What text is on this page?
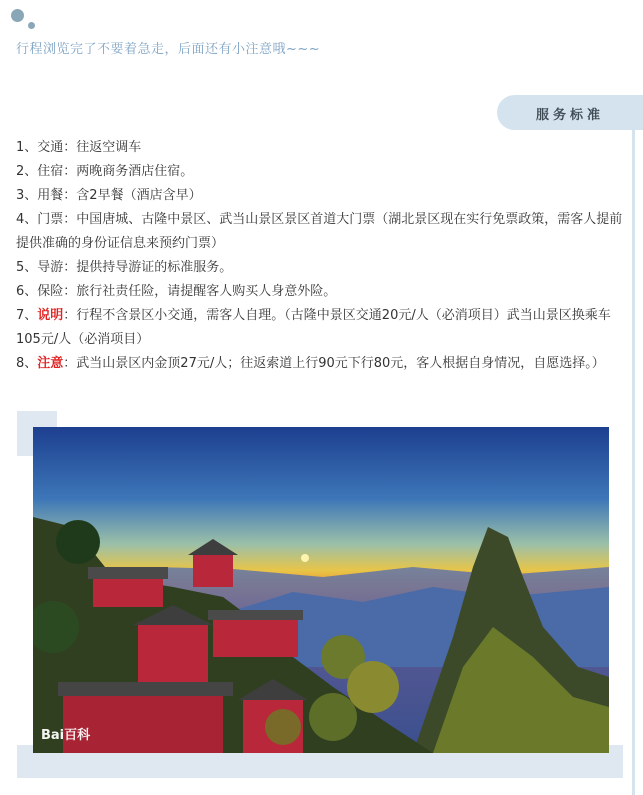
行程浏览完了不要着急走，后面还有小注意哦~~~
服务标准

1、交通：往返空调车

2、住宿：两晚商务酒店住宿。

3、用餐：含2早餐（酒店含早）

4、门票：中国唐城、古隆中景区、武当山景区景区首道大门票（湖北景区现在实行免票政策，需客人提前提供准确的身份证信息来预约门票）

5、导游：提供持导游证的标准服务。

6、保险：旅行社责任险，请提醒客人购买人身意外险。

7、说明：行程不含景区小交通，需客人自理。（古隆中景区交通20元/人（必消项目）武当山景区换乘车105元/人（必消项目）

8、注意：武当山景区内金顶27元/人；往返索道上行90元下行80元，客人根据自身情况，自愿选择。）

Bai百科
